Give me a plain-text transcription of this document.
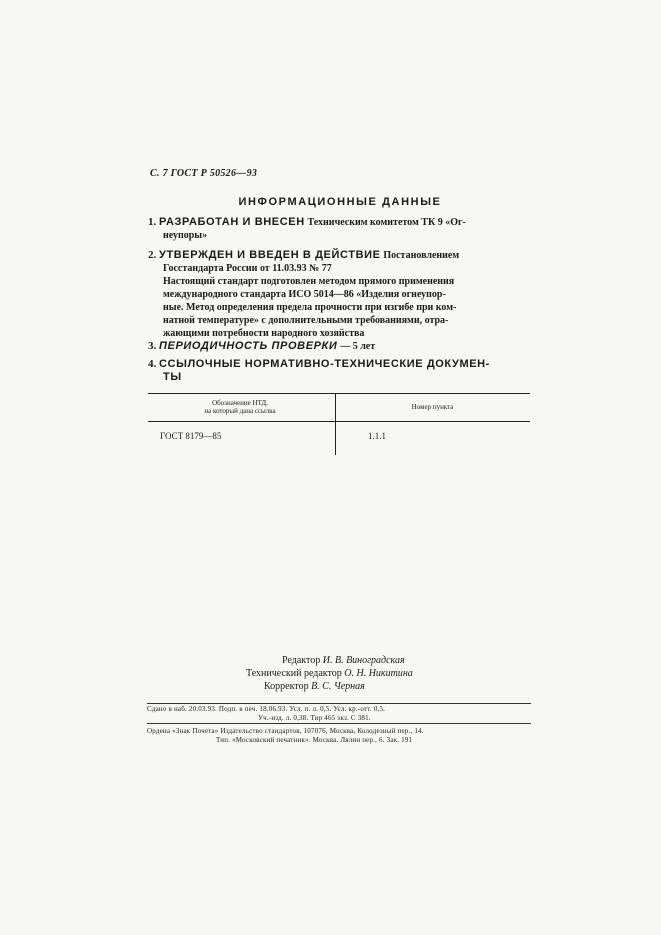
С. 7 ГОСТ Р 50526—93
ИНФОРМАЦИОННЫЕ ДАННЫЕ
1. РАЗРАБОТАН И ВНЕСЕН Техническим комитетом ТК 9 «Ог-
неупоры»
2. УТВЕРЖДЕН И ВВЕДЕН В ДЕЙСТВИЕ Постановлением
Госстандарта России от 11.03.93 № 77
Настоящий стандарт подготовлен методом прямого применения
международного стандарта ИСО 5014—86 «Изделия огнеупор-
ные. Метод определения предела прочности при изгибе при ком-
натной температуре» с дополнительными требованиями, отра-
жающими потребности народного хозяйства
3. ПЕРИОДИЧНОСТЬ ПРОВЕРКИ — 5 лет
4. ССЫЛОЧНЫЕ НОРМАТИВНО-ТЕХНИЧЕСКИЕ ДОКУМЕН-
ТЫ
Обозначение НТД,
на который дана ссылка	Номер пункта
ГОСТ 8179—85	1.1.1
Редактор И. В. Виноградская
Технический редактор О. Н. Никитина
Корректор В. С. Черная
Сдано в наб. 20.03.93. Подп. в печ. 18.06.93. Усл. п. л. 0,5. Усл. кр.-отт. 0,5.
Уч.-изд. л. 0,38. Тир 465 экз. С 381.
Ордена «Знак Почета» Издательство стандартов, 107076, Москва, Колодезный пер., 14.
Тип. «Московский печатник». Москва, Лялин пер., 6. Зак. 191
